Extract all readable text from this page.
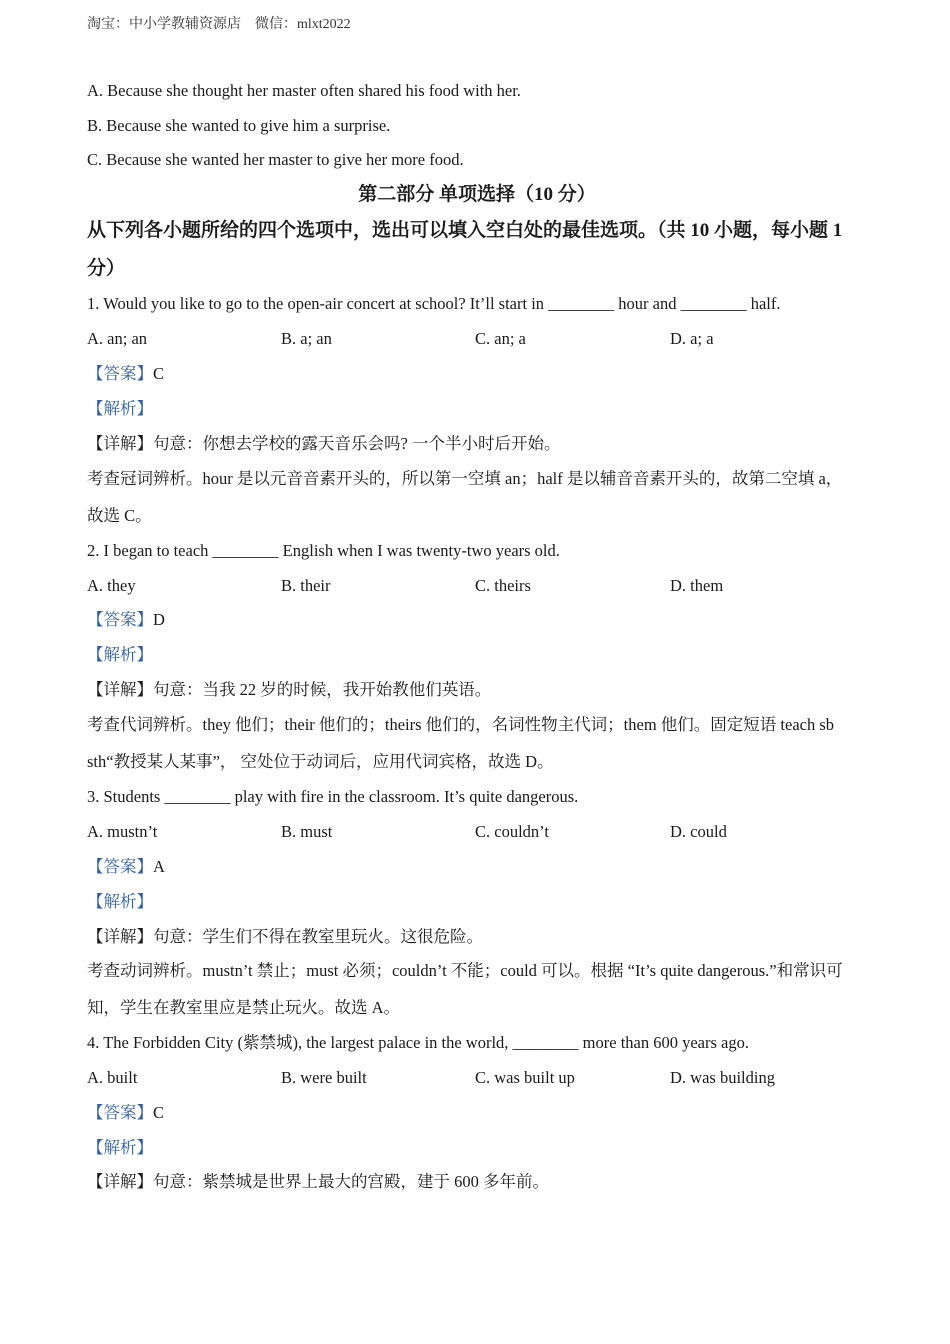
淘宝：中小学教辅资源店 微信：mlxt2022
A. Because she thought her master often shared his food with her.
B. Because she wanted to give him a surprise.
C. Because she wanted her master to give her more food.
第二部分 单项选择（10 分）
从下列各小题所给的四个选项中，选出可以填入空白处的最佳选项。（共 10 小题，每小题 1
分）
1. Would you like to go to the open-air concert at school? It’ll start in ________ hour and ________ half.
A. an; an	B. a; an	C. an; a	D. a; a
【答案】C
【解析】
【详解】句意：你想去学校的露天音乐会吗? 一个半小时后开始。
考查冠词辨析。hour 是以元音音素开头的，所以第一空填 an；half 是以辅音音素开头的，故第二空填 a，
故选 C。
2. I began to teach ________ English when I was twenty-two years old.
A. they	B. their	C. theirs	D. them
【答案】D
【解析】
【详解】句意：当我 22 岁的时候，我开始教他们英语。
考查代词辨析。they 他们；their 他们的；theirs 他们的，名词性物主代词；them 他们。固定短语 teach sb
sth“教授某人某事”， 空处位于动词后，应用代词宾格，故选 D。
3. Students ________ play with fire in the classroom. It’s quite dangerous.
A. mustn’t	B. must	C. couldn’t	D. could
【答案】A
【解析】
【详解】句意：学生们不得在教室里玩火。这很危险。
考查动词辨析。mustn’t 禁止；must 必须；couldn’t 不能；could 可以。根据 “It’s quite dangerous.”和常识可
知，学生在教室里应是禁止玩火。故选 A。
4. The Forbidden City (紫禁城), the largest palace in the world, ________ more than 600 years ago.
A. built	B. were built	C. was built up	D. was building
【答案】C
【解析】
【详解】句意：紫禁城是世界上最大的宫殿，建于 600 多年前。
